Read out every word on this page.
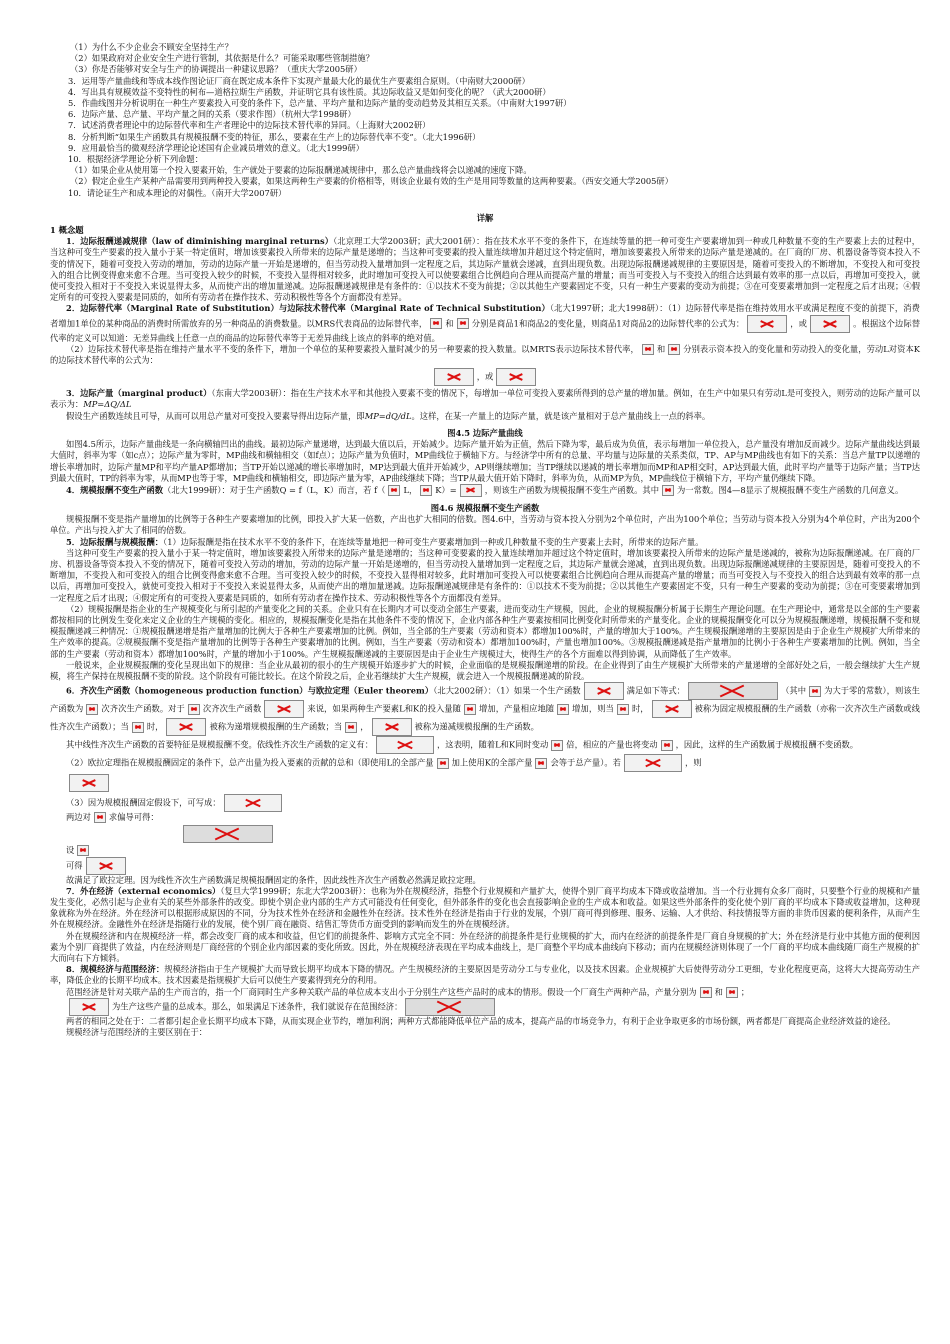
（1）为什么不少企业会不顾安全坚持生产？
（2）如果政府对企业安全生产进行管制，其依据是什么？可能采取哪些管制措施？
（3）你是否能够对安全与生产的协调提出一种建议思路？（重庆大学2005研）
3．运用等产量曲线和等成本线作图论证厂商在既定成本条件下实现产量最大化的最优生产要素组合原则。（中南财大2000研）
4．写出具有规模效益不变特性的柯布—道格拉斯生产函数，并证明它具有该性质。其边际收益又是如何变化的呢？（武大2000研）
5．作曲线图并分析说明在一种生产要素投入可变的条件下，总产量、平均产量和边际产量的变动趋势及其相互关系。（中南财大1997研）
6．边际产量、总产量、平均产量之间的关系（要求作图）（杭州大学1998研）
7．试述消费者理论中的边际替代率和生产者理论中的边际技术替代率的异同。（上海财大2002研）
8．分析判断“如果生产函数具有规模报酬不变的特征，那么，要素在生产上的边际替代率不变”。（北大1996研）
9．应用最恰当的微观经济学理论论述国有企业减员增效的意义。（北大1999研）
10．根据经济学理论分析下列命题：
（1）如果企业从使用第一个投入要素开始，生产就处于要素的边际报酬递减规律中，那么总产量曲线将会以递减的速度下降。
（2）假定企业生产某种产品需要用到两种投入要素，如果这两种生产要素的价格相等，则该企业最有效的生产是用同等数量的这两种要素。（西安交通大学2005研）
10．请论证生产和成本理论的对偶性。（南开大学2007研）
详解
1 概念题

1．边际报酬递减规律（law of diminishing marginal returns）（北京理工大学2003研；武大2001研）：指在技术水平不变的条件下，在连续等量的把一种可变生产要素增加到一种或几种数量不变的生产要素上去的过程中，当这种可变生产要素的投入量小于某一特定值时，增加该要素投入所带来的边际产量是递增的；当这种可变要素的投入量连续增加并超过这个特定值时，增加该要素投入所带来的边际产量是递减的。在厂商的厂房、机器设备等资本投入不变的情况下，随着可变投入劳动的增加，劳动的边际产量一开始是递增的，但当劳动投入量增加到一定程度之后，其边际产量就会递减，直到出现负数。出现边际报酬递减规律的主要原因是，随着可变投入的不断增加，不变投入和可变投入的组合比例变得愈来愈不合理。当可变投入较少的时候，不变投入显得相对较多，此时增加可变投入可以使要素组合比例趋向合理从而提高产量的增量；而当可变投入与不变投入的组合达到最有效率的那一点以后，再增加可变投入，就使可变投入相对于不变投入来说显得太多，从而使产出的增加量递减。边际报酬递减规律是有条件的：①以技术不变为前提；②以其他生产要素固定不变，只有一种生产要素的变动为前提；③在可变要素增加到一定程度之后才出现；④假定所有的可变投入要素是同质的，如所有劳动者在操作技术、劳动积极性等各个方面都没有差异。

2．边际替代率（Marginal Rate of Substitution）与边际技术替代率（Marginal Rate of Technical Substitution）（北大1997研；北大1998研）：（1）边际替代率是指在维持效用水平或满足程度不变的前提下，消费者增加1单位的某种商品的消费时所需放弃的另一种商品的消费数量。以MRS代表商品的边际替代率， 和 分别是商品1和商品2的变化量，则商品1对商品2的边际替代率的公式为：	，或	。根据这个边际替代率的定义可以知道：无差异曲线上任意一点的商品的边际替代率等于无差异曲线上该点的斜率的绝对值。

（2）边际技术替代率是指在维持产量水平不变的条件下，增加一个单位的某种要素投入量时减少的另一种要素的投入数量。以MRTS表示边际技术替代率， 和 分别表示资本投入的变化量和劳动投入的变化量，劳动L对资本K的边际技术替代率的公式为：

，或

3．边际产量（marginal product）（东南大学2003研）：指在生产技术水平和其他投入要素不变的情况下，每增加一单位可变投入要素所得到的总产量的增加量。例如，在生产中如果只有劳动L是可变投入，则劳动的边际产量可以表示为：MP=ΔQ/ΔL

假设生产函数连续且可导，从而可以用总产量对可变投入要素导得出边际产量，即MP=dQ/dL。这样，在某一产量上的边际产量，就是该产量相对于总产量曲线上一点的斜率。

图4.5 边际产量曲线

如图4.5所示，边际产量曲线是一条向横轴凹出的曲线。最初边际产量递增，达到最大值以后，开始减少。边际产量开始为正值，然后下降为零，最后成为负值，表示每增加一单位投入，总产量没有增加反而减少。边际产量曲线达到最大值时，斜率为零（如c点）；边际产量为零时，MP曲线和横轴相交（如f点）；边际产量为负值时，MP曲线位于横轴下方。与经济学中所有的总量、平均量与边际量的关系类似，TP、AP与MP曲线也有如下的关系：当总产量TP以递增的增长率增加时，边际产量MP和平均产量AP都增加；当TP开始以递减的增长率增加时，MP达到最大值并开始减少，AP则继续增加；当TP继续以递减的增长率增加而MP和AP相交时，AP达到最大值，此时平均产量等于边际产量；当TP达到最大值时，TP的斜率为零，从而MP也等于零，MP曲线和横轴相交，即边际产量为零，AP曲线继续下降；当TP从最大值开始下降时，斜率为负，从而MP为负，MP曲线位于横轴下方，平均产量仍继续下降。

4．规模报酬不变生产函数（北大1999研）：对于生产函数Q = f（L，K）而言，若 f（ L， K）=	，则该生产函数为规模报酬不变生产函数。其中 为一常数。图4—8显示了规模报酬不变生产函数的几何意义。

图4.6 规模报酬不变生产函数

规模报酬不变是指产量增加的比例等于各种生产要素增加的比例，即投入扩大某一倍数，产出也扩大相同的倍数。图4.6中，当劳动与资本投入分别为2个单位时，产出为100个单位；当劳动与资本投入分别为4个单位时，产出为200个单位。产出与投入扩大了相同的倍数。

5．边际报酬与规模报酬：（1）边际报酬是指在技术水平不变的条件下，在连续等量地把一种可变生产要素增加到一种或几种数量不变的生产要素上去时，所带来的边际产量。

当这种可变生产要素的投入量小于某一特定值时，增加该要素投入所带来的边际产量是递增的；当这种可变要素的投入量连续增加并超过这个特定值时，增加该要素投入所带来的边际产量是递减的，被称为边际报酬递减。在厂商的厂房、机器设备等资本投入不变的情况下，随着可变投入劳动的增加，劳动的边际产量一开始是递增的，但当劳动投入量增加到一定程度之后，其边际产量就会递减，直到出现负数。出现边际报酬递减规律的主要原因是，随着可变投入的不断增加，不变投入和可变投入的组合比例变得愈来愈不合理。当可变投入较少的时候，不变投入显得相对较多，此时增加可变投入可以使要素组合比例趋向合理从而提高产量的增量；而当可变投入与不变投入的组合达到最有效率的那一点以后，再增加可变投入，就使可变投入相对于不变投入来说显得太多，从而使产出的增加量递减。边际报酬递减规律是有条件的：①以技术不变为前提；②以其他生产要素固定不变，只有一种生产要素的变动为前提；③在可变要素增加到一定程度之后才出现；④假定所有的可变投入要素是同质的，如所有劳动者在操作技术、劳动积极性等各个方面都没有差异。

（2）规模报酬是指企业的生产规模变化与所引起的产量变化之间的关系。企业只有在长期内才可以变动全部生产要素，进而变动生产规模，因此，企业的规模报酬分析属于长期生产理论问题。在生产理论中，通常是以全部的生产要素都按相同的比例发生变化来定义企业的生产规模的变化。相应的，规模报酬变化是指在其他条件不变的情况下，企业内部各种生产要素按相同比例变化时所带来的产量变化。企业的规模报酬变化可以分为规模报酬递增，规模报酬不变和规模报酬递减三种情况：①规模报酬递增是指产量增加的比例大于各种生产要素增加的比例。例如，当全部的生产要素（劳动和资本）都增加100%时，产量的增加大于100%。产生规模报酬递增的主要原因是由于企业生产规模扩大所带来的生产效率的提高。②规模报酬不变是指产量增加的比例等于各种生产要素增加的比例。例如，当生产要素（劳动和资本）都增加100%时，产量也增加100%。③规模报酬递减是指产量增加的比例小于各种生产要素增加的比例。例如，当全部的生产要素（劳动和资本）都增加100%时，产量的增加小于100%。产生规模报酬递减的主要原因是由于企业生产规模过大，使得生产的各个方面难以得到协调，从而降低了生产效率。

一般说来，企业规模报酬的变化呈现出如下的规律：当企业从最初的很小的生产规模开始逐步扩大的时候，企业面临的是规模报酬递增的阶段。在企业得到了由生产规模扩大所带来的产量递增的全部好处之后，一般会继续扩大生产规模，将生产保持在规模报酬不变的阶段。这个阶段有可能比较长。在这个阶段之后，企业若继续扩大生产规模，就会进入一个规模报酬递减的阶段。

6．齐次生产函数（homogeneous production function）与欧拉定理（Euler theorem）（北大2002研）：（1）如果一个生产函数	满足如下等式：	（其中 为大于零的常数），则该生产函数为 次齐次生产函数。对于 次齐次生产函数	来说，如果两种生产要素L和K的投入量随 增加，产量相应地随 增加，则当 时，	被称为固定规模报酬的生产函数（亦称一次齐次生产函数或线性齐次生产函数）；当 时，	被称为递增规模报酬的生产函数；当 ，	被称为递减规模报酬的生产函数。

其中线性齐次生产函数的首要特征是规模报酬不变。依线性齐次生产函数的定义有：	，这表明，随着L和K同时变动 倍，相应的产量也将变动 ，因此，这样的生产函数属于规模报酬不变函数。

（2）欧拉定理指在规模报酬固定的条件下，总产出量为投入要素的贡献的总和（即使用L的全部产量 加上使用K的全部产量 会等于总产量）。若	，则

（3）因为规模报酬固定假设下，可写成：

两边对 求偏导可得：

设

可得

故满足了欧拉定理。因为线性齐次生产函数满足规模报酬固定的条件，因此线性齐次生产函数必然满足欧拉定理。

7．外在经济（external economics）（复旦大学1999研；东北大学2003研）：也称为外在规模经济，指整个行业规模和产量扩大，使得个别厂商平均成本下降或收益增加。当一个行业拥有众多厂商时，只要整个行业的规模和产量发生变化，必然引起与企业有关的某些外部条件的改变。即使个别企业内部的生产方式可能没有任何变化，但外部条件的变化也会直接影响企业的生产成本和收益。如果这些外部条件的变化使个别厂商的平均成本下降或收益增加，这种现象就称为外在经济。外在经济可以根据形成原因的不同，分为技术性外在经济和金融性外在经济。技术性外在经济是指由于行业的发展，个别厂商可得到修理、服务、运输、人才供给、科技情报等方面的非货币因素的便利条件，从而产生外在规模经济。金融性外在经济是指随行业的发展，使个别厂商在融资、结售汇等货币方面受到的影响而发生的外在规模经济。

外在规模经济和内在规模经济一样，都会改变厂商的成本和收益，但它们的前提条件、影响方式完全不同：外在经济的前提条件是行业规模的扩大，而内在经济的前提条件是厂商自身规模的扩大；外在经济是行业中其他方面的便利因素为个别厂商提供了效益，内在经济则是厂商经营的个别企业内部因素的变化所致。因此，外在规模经济表现在平均成本曲线上，是厂商整个平均成本曲线向下移动；而内在规模经济则体现了一个厂商的平均成本曲线随厂商生产规模的扩大而向右下方倾斜。

8．规模经济与范围经济：规模经济指由于生产规模扩大而导致长期平均成本下降的情况。产生规模经济的主要原因是劳动分工与专业化，以及技术因素。企业规模扩大后使得劳动分工更细，专业化程度更高，这将大大提高劳动生产率，降低企业的长期平均成本。技术因素是指规模扩大后可以使生产要素得到充分的利用。

范围经济是针对关联产品的生产而言的，指一个厂商同时生产多种关联产品的单位成本支出小于分别生产这些产品时的成本的情形。假设一个厂商生产两种产品，产量分别为 和 ；

为生产这些产量的总成本。那么，如果满足下述条件，我们就说存在范围经济：

两者的相同之处在于：二者都引起企业长期平均成本下降，从而实现企业节约，增加利润；两种方式都能降低单位产品的成本，提高产品的市场竞争力，有利于企业争取更多的市场份额，两者都是厂商提高企业经济效益的途径。

规模经济与范围经济的主要区别在于：
